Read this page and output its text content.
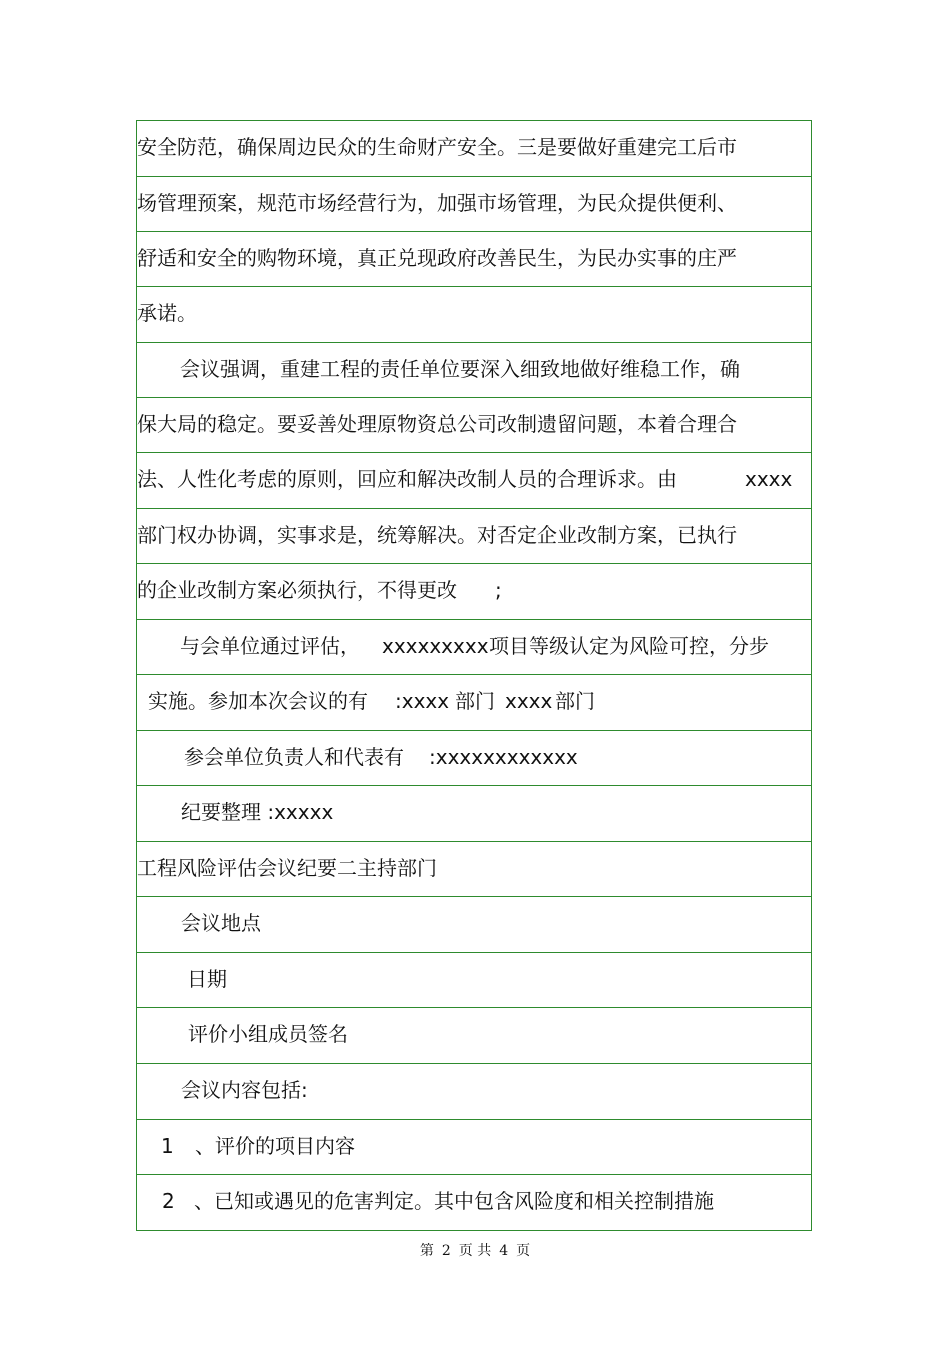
安全防范，确保周边民众的生命财产安全。三是要做好重建完工后市
场管理预案，规范市场经营行为，加强市场管理，为民众提供便利、
舒适和安全的购物环境，真正兑现政府改善民生，为民办实事的庄严
承诺。
会议强调，重建工程的责任单位要深入细致地做好维稳工作，确
保大局的稳定。要妥善处理原物资总公司改制遗留问题，本着合理合
法、人性化考虑的原则，回应和解决改制人员的合理诉求。由	xxxx
部门权办协调，实事求是，统筹解决。对否定企业改制方案，已执行
的企业改制方案必须执行，不得更改 ;
与会单位通过评估， xxxxxxxxx 项目等级认定为风险可控，分步
实施。参加本次会议的有 :xxxx 部门 xxxx 部门
参会单位负责人和代表有 :xxxxxxxxxxxx
纪要整理 :xxxxx
工程风险评估会议纪要二主持部门
会议地点
日期
评价小组成员签名
会议内容包括:
1 、评价的项目内容
2 、已知或遇见的危害判定。其中包含风险度和相关控制措施
第 2 页 共 4 页
